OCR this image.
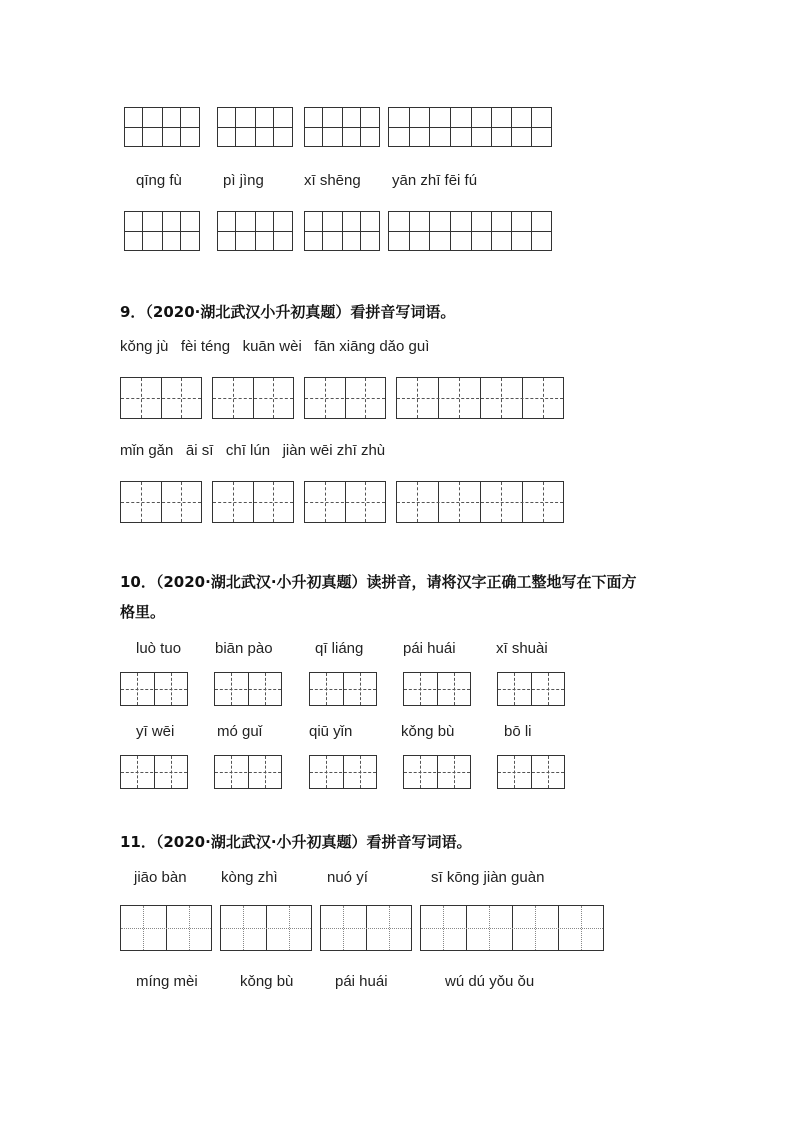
qīng fù	pì jìng	xī shēng yān zhī fēi fú
9．（2020·湖北武汉小升初真题）看拼音写词语。
kǒng jù   fèi téng   kuān wèi   fān xiāng dǎo guì
mǐn gǎn   āi sī   chī lún   jiàn wēi zhī zhù
10．（2020·湖北武汉·小升初真题）读拼音，请将汉字正确工整地写在下面方
格里。
luò tuo biān pào	qī liáng	pái huái	xī shuài
yī wēi	mó guǐ	qiū yǐn	kǒng bù	bō li
11．（2020·湖北武汉·小升初真题）看拼音写词语。
jiāo bàn kòng zhì	nuó yí	sī kōng jiàn guàn
míng mèi	kǒng bù	pái huái	wú dú yǒu ǒu
